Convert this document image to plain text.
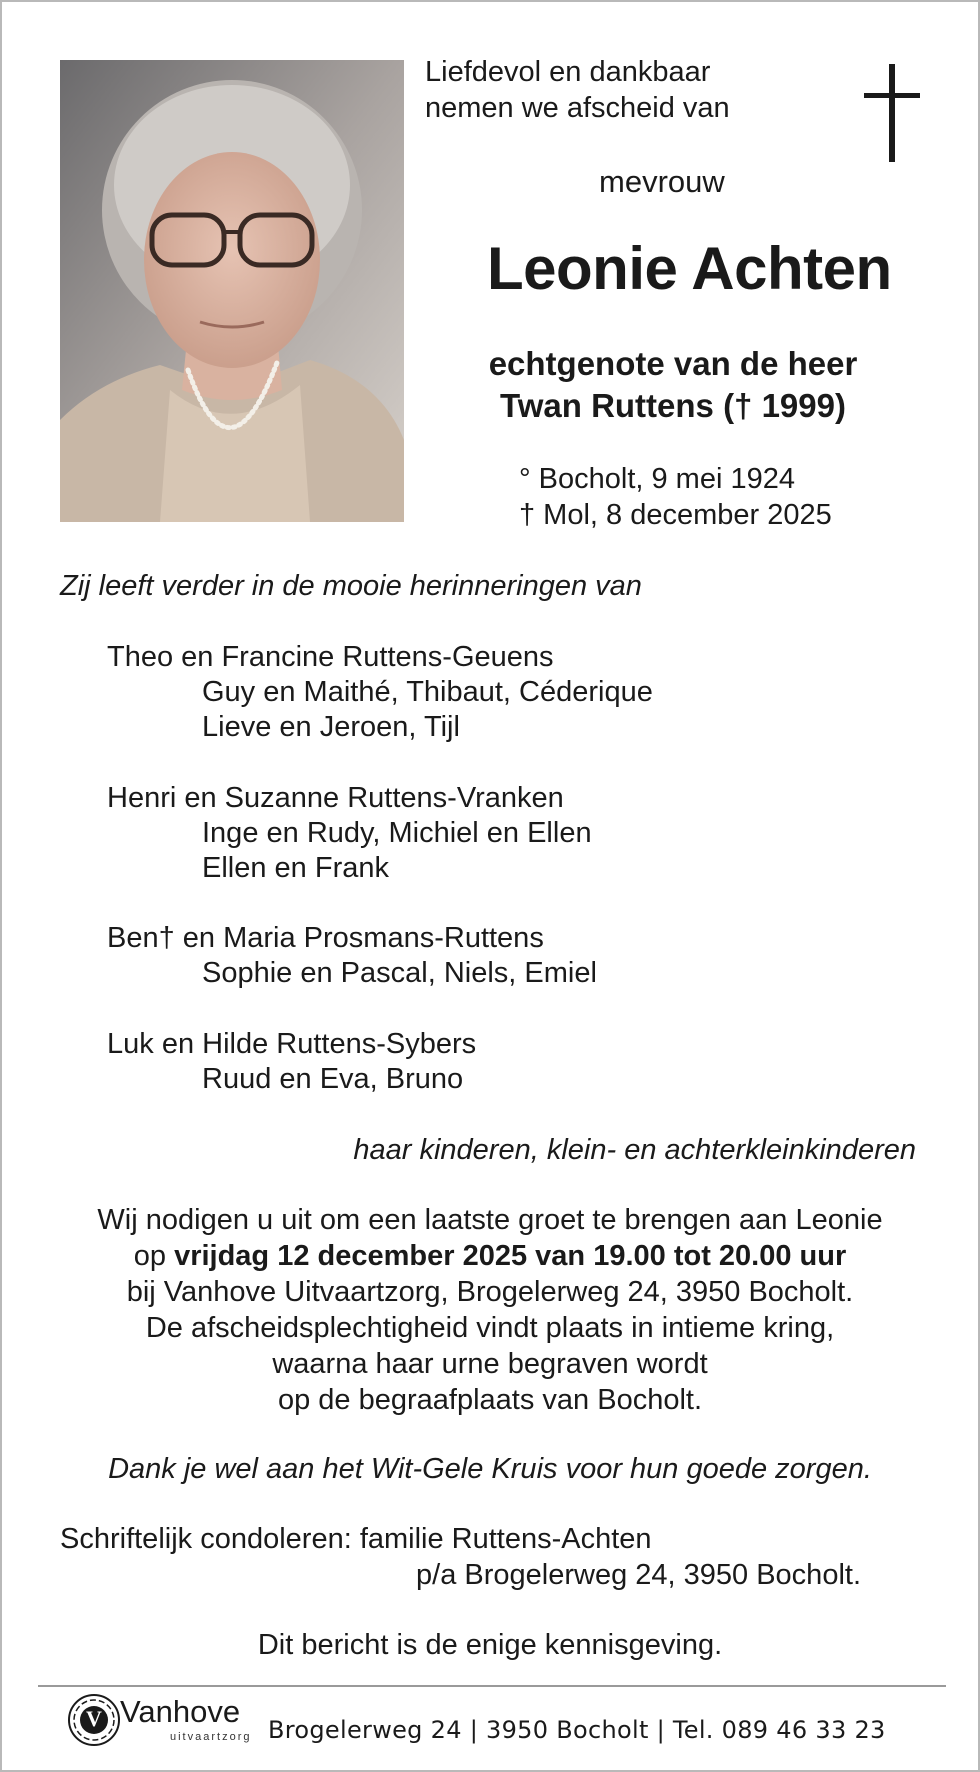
Liefdevol en dankbaar
nemen we afscheid van
mevrouw
Leonie Achten
echtgenote van de heer
Twan Ruttens († 1999)
° Bocholt, 9 mei 1924
† Mol, 8 december 2025
Zij leeft verder in de mooie herinneringen van
Theo en Francine Ruttens-Geuens
Guy en Maithé, Thibaut, Céderique
Lieve en Jeroen, Tijl
Henri en Suzanne Ruttens-Vranken
Inge en Rudy, Michiel en Ellen
Ellen en Frank
Ben† en Maria Prosmans-Ruttens
Sophie en Pascal, Niels, Emiel
Luk en Hilde Ruttens-Sybers
Ruud en Eva, Bruno
haar kinderen, klein- en achterkleinkinderen
Wij nodigen u uit om een laatste groet te brengen aan Leonie
op vrijdag 12 december 2025 van 19.00 tot 20.00 uur
bij Vanhove Uitvaartzorg, Brogelerweg 24, 3950 Bocholt.
De afscheidsplechtigheid vindt plaats in intieme kring,
waarna haar urne begraven wordt
op de begraafplaats van Bocholt.
Dank je wel aan het Wit-Gele Kruis voor hun goede zorgen.
Schriftelijk condoleren: familie Ruttens-Achten
p/a Brogelerweg 24, 3950 Bocholt.
Dit bericht is de enige kennisgeving.
V Vanhove
uitvaartzorg Brogelerweg 24 | 3950 Bocholt | Tel. 089 46 33 23
